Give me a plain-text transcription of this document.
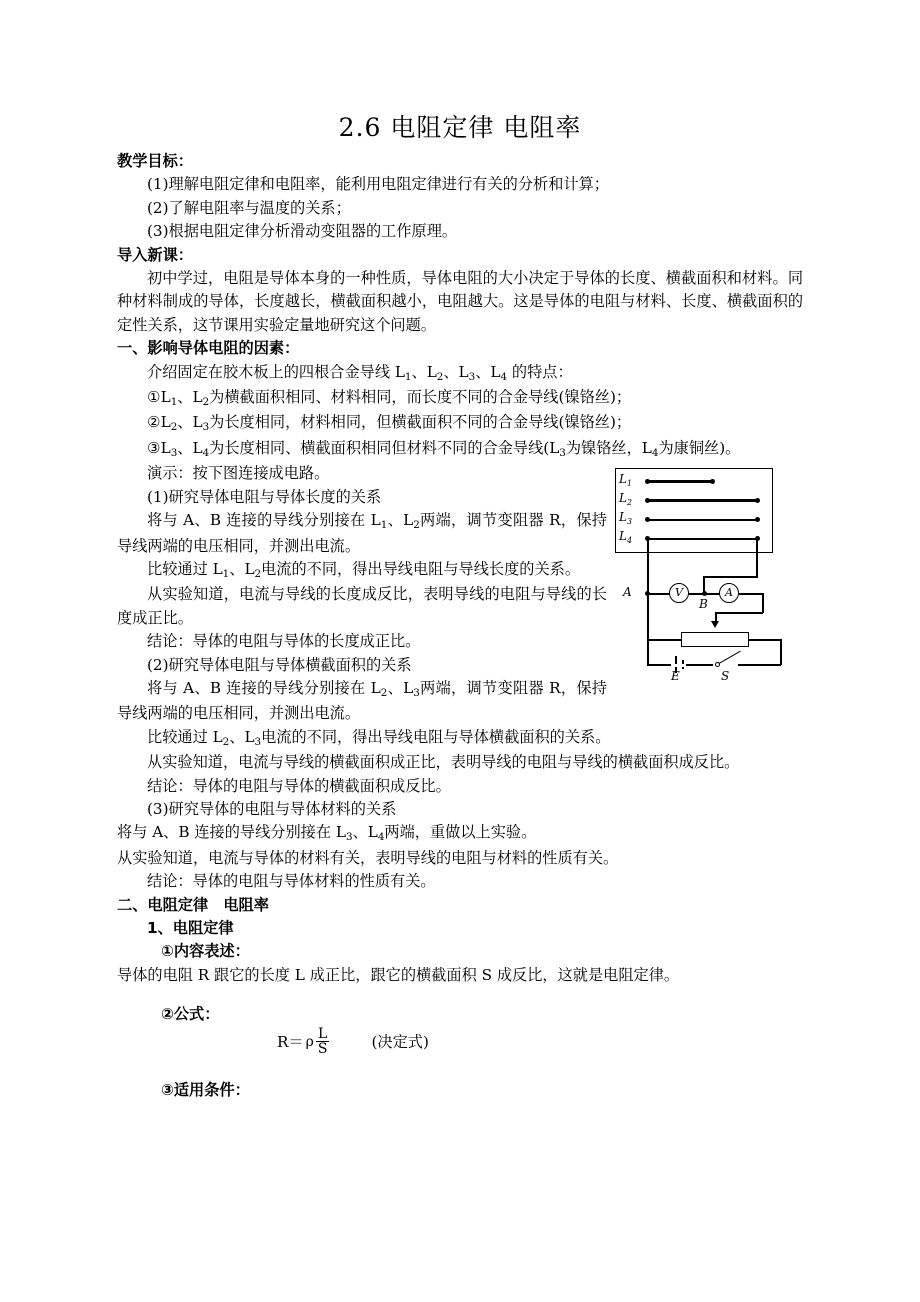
2.6 电阻定律 电阻率

教学目标：

(1)理解电阻定律和电阻率，能利用电阻定律进行有关的分析和计算；

(2)了解电阻率与温度的关系；

(3)根据电阻定律分析滑动变阻器的工作原理。

导入新课：

初中学过，电阻是导体本身的一种性质，导体电阻的大小决定于导体的长度、横截面积和材料。同种材料制成的导体，长度越长，横截面积越小，电阻越大。这是导体的电阻与材料、长度、横截面积的定性关系，这节课用实验定量地研究这个问题。

一、影响导体电阻的因素：

介绍固定在胶木板上的四根合金导线 $L_1$、$L_2$、$L_3$、$L_4$ 的特点：

$①L_1$、$L_2$为横截面积相同、材料相同，而长度不同的合金导线(镍铬丝)；

$②L_2$、$L_3$为长度相同，材料相同，但横截面积不同的合金导线(镍铬丝)；

$③L_3$、$L_4$为长度相同、横截面积相同但材料不同的合金导线($L_3$为镍铬丝，$L_4$为康铜丝)。

$L_1$
$L_2$
$L_3$
$L_4$
A	V
B
A
E	S

演示：按下图连接成电路。

(1)研究导体电阻与导体长度的关系

将与 A、B 连接的导线分别接在 $L_1$、$L_2$两端，调节变阻器 R，保持导线两端的电压相同，并测出电流。

比较通过 $L_1$、$L_2$电流的不同，得出导线电阻与导线长度的关系。

从实验知道，电流与导线的长度成反比，表明导线的电阻与导线的长度成正比。

结论：导体的电阻与导体的长度成正比。

(2)研究导体电阻与导体横截面积的关系

将与 A、B 连接的导线分别接在 $L_2$、$L_3$两端，调节变阻器 R，保持导线两端的电压相同，并测出电流。

比较通过 $L_2$、$L_3$电流的不同，得出导线电阻与导体横截面积的关系。

从实验知道，电流与导线的横截面积成正比，表明导线的电阻与导线的横截面积成反比。

结论：导体的电阻与导体的横截面积成反比。

(3)研究导体的电阻与导体材料的关系

将与 A、B 连接的导线分别接在 $L_3$、$L_4$两端，重做以上实验。

从实验知道，电流与导体的材料有关，表明导线的电阻与材料的性质有关。

结论：导体的电阻与导体材料的性质有关。

二、电阻定律　电阻率

1、电阻定律

①内容表述：

导体的电阻 R 跟它的长度 L 成正比，跟它的横截面积 S 成反比，这就是电阻定律。

②公式：

R＝ ρ $\frac{L}{S}$	(决定式)

③适用条件：
